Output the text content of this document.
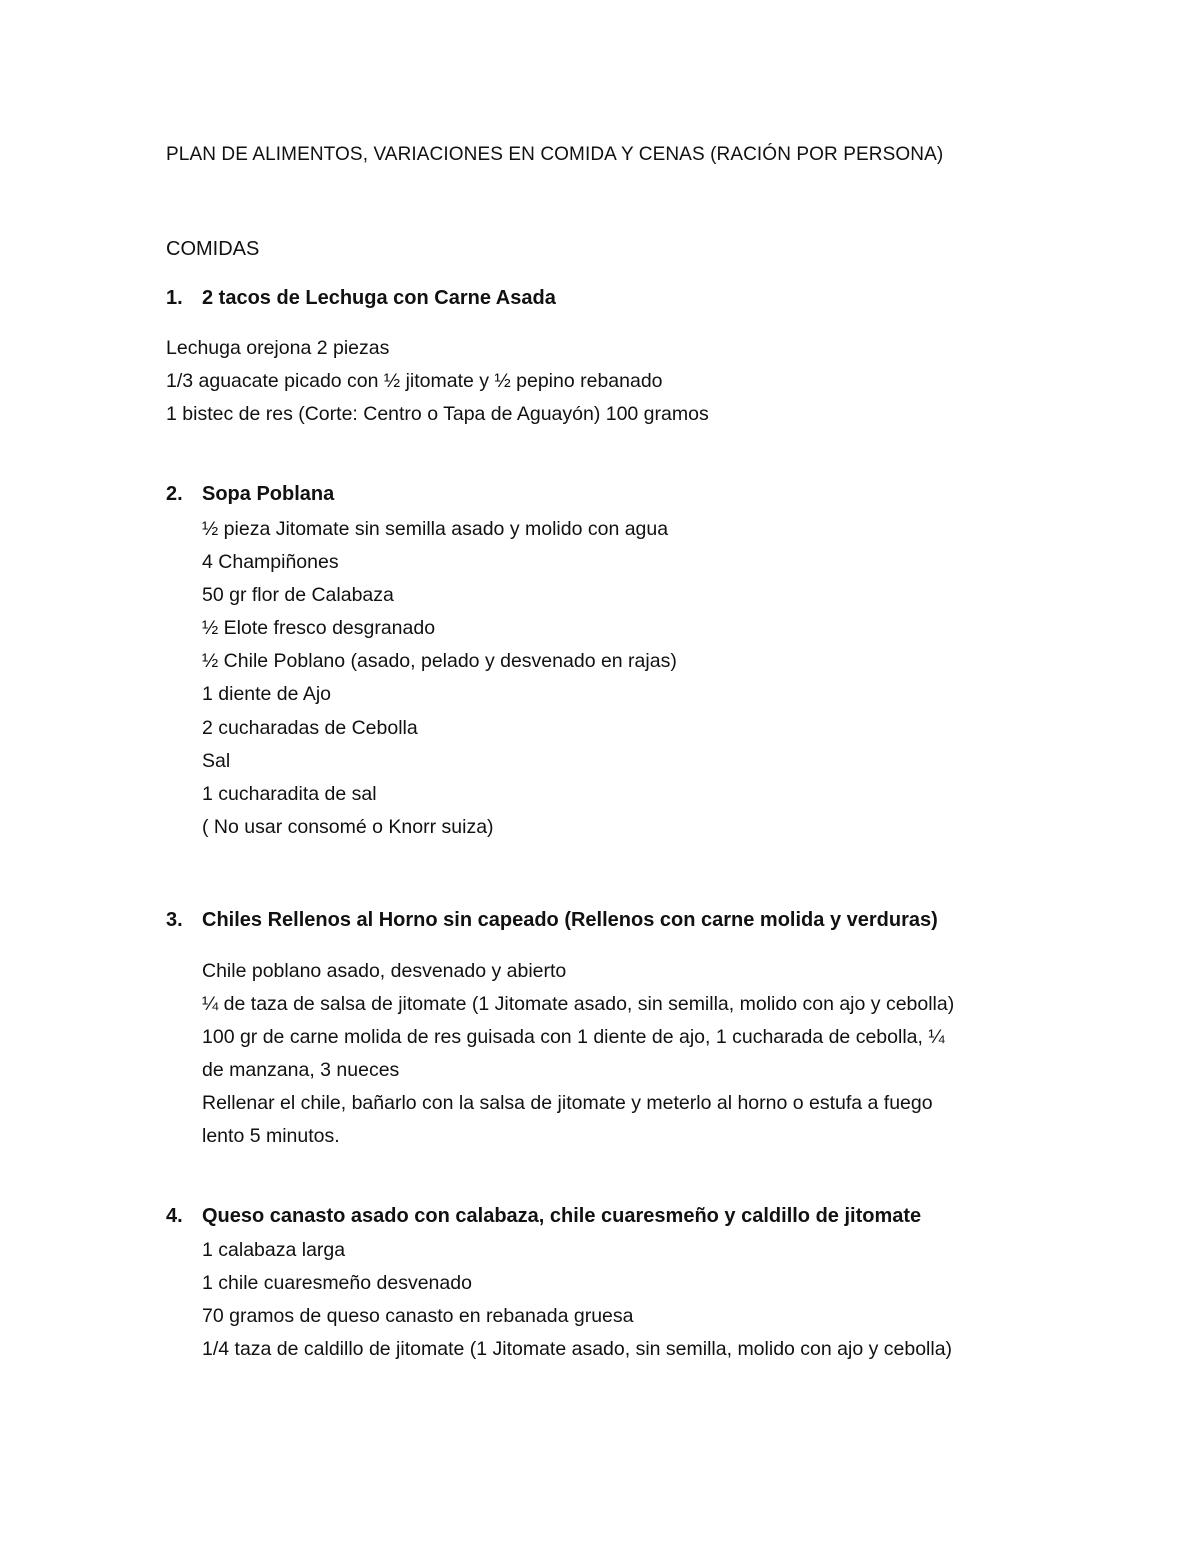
PLAN DE ALIMENTOS, VARIACIONES EN COMIDA Y CENAS (RACIÓN POR PERSONA)
COMIDAS
1. 2 tacos de Lechuga con Carne Asada
Lechuga orejona 2 piezas
1/3 aguacate picado con ½ jitomate y ½ pepino rebanado
1 bistec de res (Corte: Centro o Tapa de Aguayón) 100 gramos
2. Sopa Poblana
½ pieza Jitomate sin semilla asado y molido con agua
4 Champiñones
50 gr flor de Calabaza
½ Elote fresco desgranado
½ Chile Poblano (asado, pelado y desvenado en rajas)
1 diente de Ajo
2 cucharadas de Cebolla
Sal
1 cucharadita de sal
( No usar consomé o Knorr suiza)
3. Chiles Rellenos al Horno sin capeado (Rellenos con carne molida y verduras)
Chile poblano asado, desvenado y abierto
¼ de taza de salsa de jitomate (1 Jitomate asado, sin semilla, molido con ajo y cebolla)
100 gr de carne molida de res guisada con 1 diente de ajo, 1 cucharada de cebolla, ¼
de manzana, 3 nueces
Rellenar el chile, bañarlo con la salsa de jitomate y meterlo al horno o estufa a fuego
lento 5 minutos.
4. Queso canasto asado con calabaza, chile cuaresmeño y caldillo de jitomate
1 calabaza larga
1 chile cuaresmeño desvenado
70 gramos de queso canasto en rebanada gruesa
1/4 taza de caldillo de jitomate (1 Jitomate asado, sin semilla, molido con ajo y cebolla)
